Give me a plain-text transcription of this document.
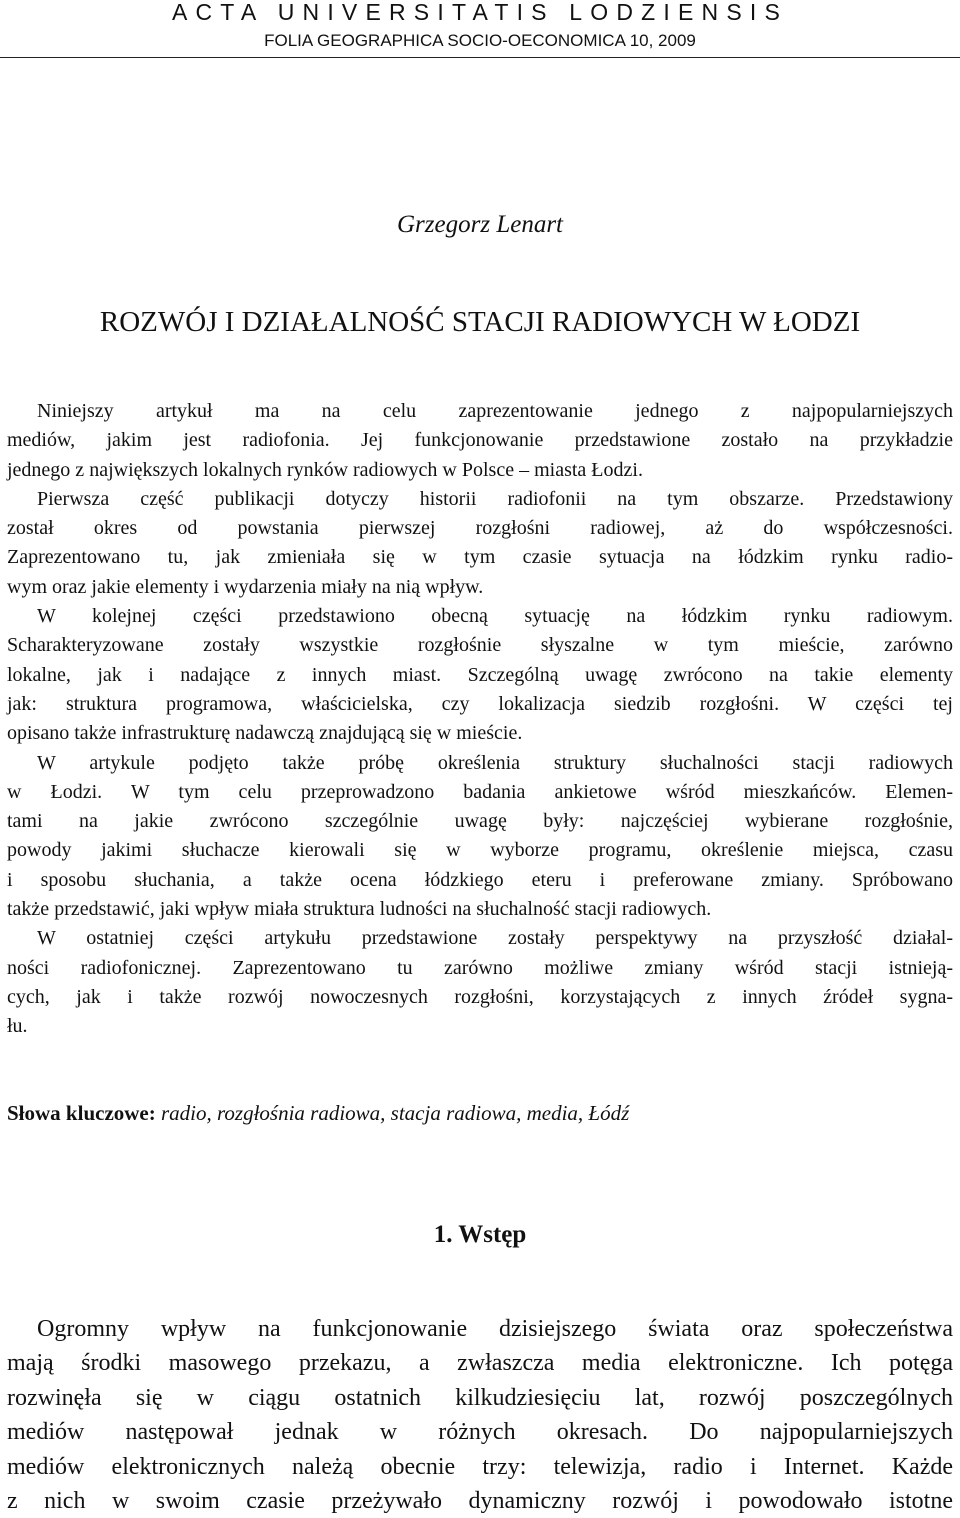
ACTA UNIVERSITATIS LODZIENSIS
FOLIA GEOGRAPHICA SOCIO-OECONOMICA 10, 2009
Grzegorz Lenart
ROZWÓJ I DZIAŁALNOŚĆ STACJI RADIOWYCH W ŁODZI
Niniejszy artykuł ma na celu zaprezentowanie jednego z najpopularniejszych
mediów, jakim jest radiofonia. Jej funkcjonowanie przedstawione zostało na przykładzie
jednego z największych lokalnych rynków radiowych w Polsce – miasta Łodzi.
Pierwsza część publikacji dotyczy historii radiofonii na tym obszarze. Przedstawiony
został okres od powstania pierwszej rozgłośni radiowej, aż do współczesności.
Zaprezentowano tu, jak zmieniała się w tym czasie sytuacja na łódzkim rynku radio-
wym oraz jakie elementy i wydarzenia miały na nią wpływ.
W kolejnej części przedstawiono obecną sytuację na łódzkim rynku radiowym.
Scharakteryzowane zostały wszystkie rozgłośnie słyszalne w tym mieście, zarówno
lokalne, jak i nadające z innych miast. Szczególną uwagę zwrócono na takie elementy
jak: struktura programowa, właścicielska, czy lokalizacja siedzib rozgłośni. W części tej
opisano także infrastrukturę nadawczą znajdującą się w mieście.
W artykule podjęto także próbę określenia struktury słuchalności stacji radiowych
w Łodzi. W tym celu przeprowadzono badania ankietowe wśród mieszkańców. Elemen-
tami na jakie zwrócono szczególnie uwagę były: najczęściej wybierane rozgłośnie,
powody jakimi słuchacze kierowali się w wyborze programu, określenie miejsca, czasu
i sposobu słuchania, a także ocena łódzkiego eteru i preferowane zmiany. Spróbowano
także przedstawić, jaki wpływ miała struktura ludności na słuchalność stacji radiowych.
W ostatniej części artykułu przedstawione zostały perspektywy na przyszłość działal-
ności radiofonicznej. Zaprezentowano tu zarówno możliwe zmiany wśród stacji istnieją-
cych, jak i także rozwój nowoczesnych rozgłośni, korzystających z innych źródeł sygna-
łu.
Słowa kluczowe: radio, rozgłośnia radiowa, stacja radiowa, media, Łódź
1. Wstęp
Ogromny wpływ na funkcjonowanie dzisiejszego świata oraz społeczeństwa
mają środki masowego przekazu, a zwłaszcza media elektroniczne. Ich potęga
rozwinęła się w ciągu ostatnich kilkudziesięciu lat, rozwój poszczególnych
mediów następował jednak w różnych okresach. Do najpopularniejszych
mediów elektronicznych należą obecnie trzy: telewizja, radio i Internet. Każde
z nich w swoim czasie przeżywało dynamiczny rozwój i powodowało istotne
